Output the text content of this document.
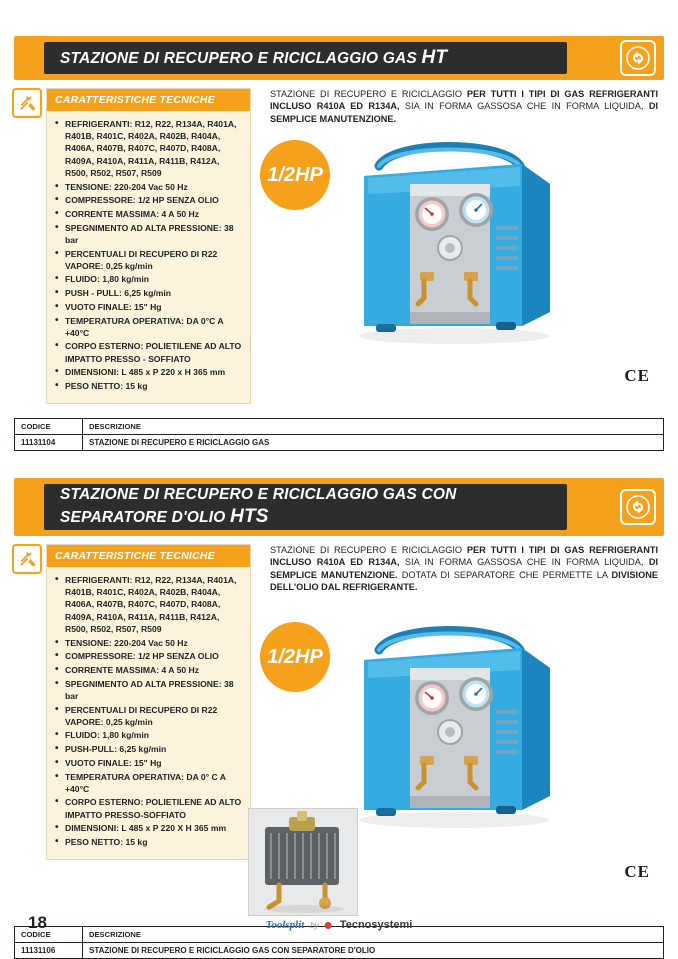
STAZIONE DI RECUPERO E RICICLAGGIO GAS HT
CARATTERISTICHE TECNICHE
• REFRIGERANTI: R12, R22, R134A, R401A, R401B, R401C, R402A, R402B, R404A, R406A, R407B, R407C, R407D, R408A, R409A, R410A, R411A, R411B, R412A, R500, R502, R507, R509
• TENSIONE: 220-204 Vac 50 Hz
• COMPRESSORE: 1/2 HP SENZA OLIO
• CORRENTE MASSIMA: 4 A 50 Hz
• SPEGNIMENTO AD ALTA PRESSIONE: 38 bar
• PERCENTUALI DI RECUPERO DI R22 VAPORE: 0,25 kg/min
• FLUIDO: 1,80 kg/min
• PUSH - PULL: 6,25 kg/min
• VUOTO FINALE: 15" Hg
• TEMPERATURA OPERATIVA: DA 0°C A +40°C
• CORPO ESTERNO: POLIETILENE AD ALTO IMPATTO PRESSO - SOFFIATO
• DIMENSIONI: L 485 x P 220 x H 365 mm
• PESO NETTO: 15 kg
STAZIONE DI RECUPERO E RICICLAGGIO PER TUTTI I TIPI DI GAS REFRIGERANTI INCLUSO R410A ED R134A, SIA IN FORMA GASSOSA CHE IN FORMA LIQUIDA, DI SEMPLICE MANUTENZIONE.
1/2HP
CE
CODICE	DESCRIZIONE
11131104	STAZIONE DI RECUPERO E RICICLAGGIO GAS
STAZIONE DI RECUPERO E RICICLAGGIO GAS CON
SEPARATORE D'OLIO HTS
CARATTERISTICHE TECNICHE
• REFRIGERANTI: R12, R22, R134A, R401A, R401B, R401C, R402A, R402B, R404A, R406A, R407B, R407C, R407D, R408A, R409A, R410A, R411A, R411B, R412A, R500, R502, R507, R509
• TENSIONE: 220-204 Vac 50 Hz
• COMPRESSORE: 1/2 HP SENZA OLIO
• CORRENTE MASSIMA: 4 A 50 Hz
• SPEGNIMENTO AD ALTA PRESSIONE: 38 bar
• PERCENTUALI DI RECUPERO DI R22 VAPORE: 0,25 kg/min
• FLUIDO: 1,80 kg/min
• PUSH-PULL: 6,25 kg/min
• VUOTO FINALE: 15" Hg
• TEMPERATURA OPERATIVA: DA 0° C A +40°C
• CORPO ESTERNO: POLIETILENE AD ALTO IMPATTO PRESSO-SOFFIATO
• DIMENSIONI: L 485 x P 220 X H 365 mm
• PESO NETTO: 15 kg
STAZIONE DI RECUPERO E RICICLAGGIO PER TUTTI I TIPI DI GAS REFRIGERANTI INCLUSO R410A ED R134A, SIA IN FORMA GASSOSA CHE IN FORMA LIQUIDA, DI SEMPLICE MANUTENZIONE. DOTATA DI SEPARATORE CHE PERMETTE LA DIVISIONE DELL'OLIO DAL REFRIGERANTE.
1/2HP
CE
CODICE	DESCRIZIONE
11131106	STAZIONE DI RECUPERO E RICICLAGGIO GAS CON SEPARATORE D'OLIO
18	Toolsplit by Tecnosystemi
